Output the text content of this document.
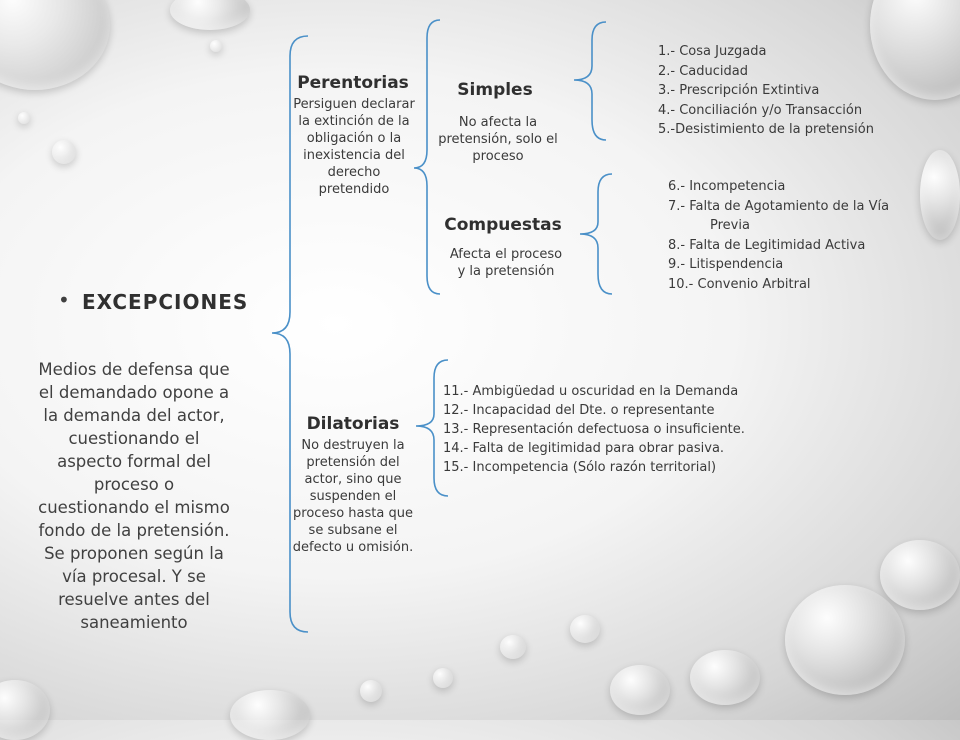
• EXCEPCIONES
Medios de defensa que el demandado opone a la demanda del actor, cuestionando el aspecto formal del proceso o cuestionando el mismo fondo de la pretensión. Se proponen según la vía procesal. Y se resuelve antes del saneamiento
Perentorias
Persiguen declarar la extinción de la obligación o la inexistencia del derecho pretendido
Simples
No afecta la pretensión, solo el proceso
1.- Cosa Juzgada
2.- Caducidad
3.- Prescripción Extintiva
4.- Conciliación y/o Transacción
5.-Desistimiento de la pretensión
Compuestas
Afecta el proceso y la pretensión
6.- Incompetencia
7.- Falta de Agotamiento de la Vía
Previa
8.- Falta de Legitimidad Activa
9.- Litispendencia
10.- Convenio Arbitral
Dilatorias
No destruyen la pretensión del actor, sino que suspenden el proceso hasta que se subsane el defecto u omisión.
11.- Ambigüedad u oscuridad en la Demanda
12.- Incapacidad del Dte. o representante
13.- Representación defectuosa o insuficiente.
14.- Falta de legitimidad para obrar pasiva.
15.- Incompetencia (Sólo razón territorial)
